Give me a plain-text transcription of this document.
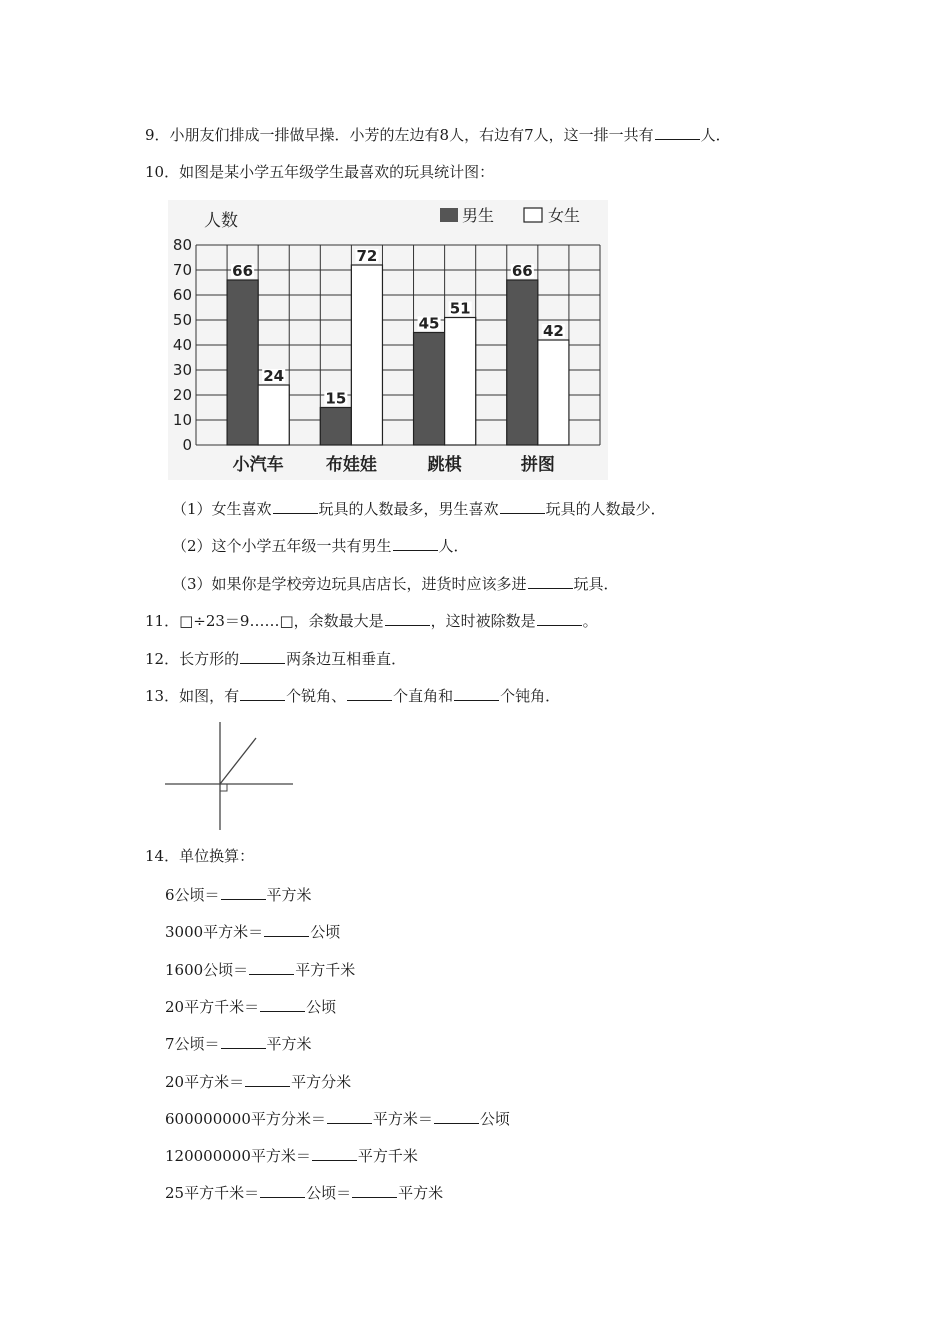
9．小朋友们排成一排做早操．小芳的左边有8人，右边有7人，这一排一共有	人．
10．如图是某小学五年级学生最喜欢的玩具统计图：
人数	男生	女生
0
10
20
30
40
50
60
70
80
66
24
15
72
45
51
66
42
小汽车 布娃娃	跳棋	拼图
（1）女生喜欢	玩具的人数最多，男生喜欢	玩具的人数最少．
（2）这个小学五年级一共有男生	人．
（3）如果你是学校旁边玩具店店长，进货时应该多进	玩具．
11．□÷23＝9……□，余数最大是	，这时被除数是	。
12．长方形的	两条边互相垂直．
13．如图，有	个锐角、	个直角和	个钝角．
14．单位换算：
6公顷＝	平方米
3000平方米＝	公顷
1600公顷＝	平方千米
20平方千米＝	公顷
7公顷＝	平方米
20平方米＝	平方分米
600000000平方分米＝	平方米＝	公顷
120000000平方米＝	平方千米
25平方千米＝	公顷＝	平方米
